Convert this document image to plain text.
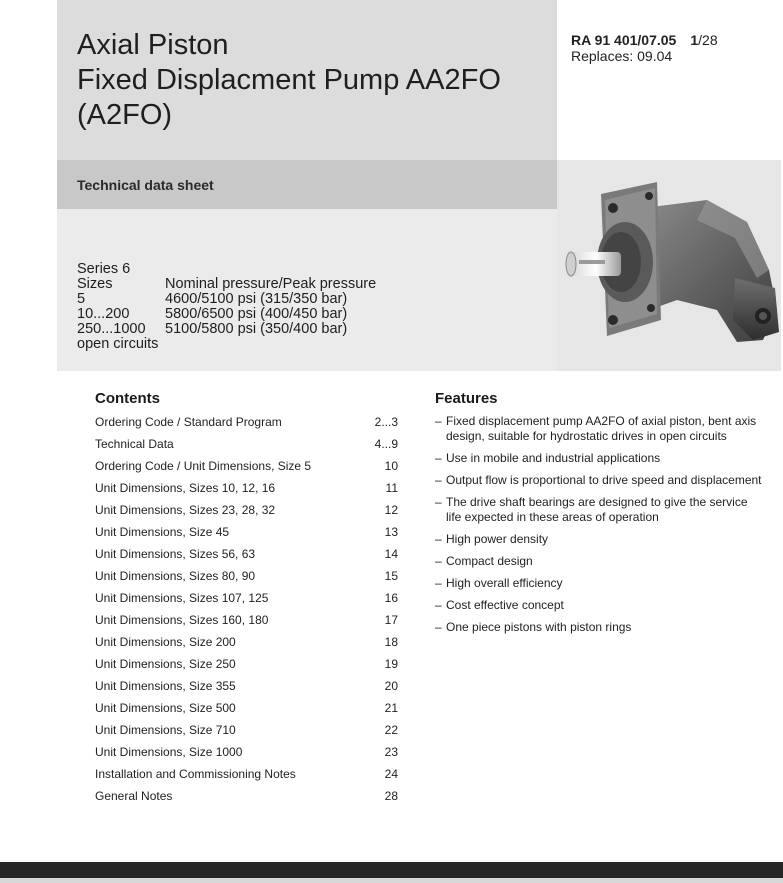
Axial Piston
Fixed Displacment Pump AA2FO
(A2FO)
RA 91 401/07.05 1/28
Replaces: 09.04
Technical data sheet
Series 6
Sizes	Nominal pressure/Peak pressure
5	4600/5100 psi (315/350 bar)
10...200 5800/6500 psi (400/450 bar)
250...1000 5100/5800 psi (350/400 bar)
open circuits
Contents
Ordering Code / Standard Program	2...3
Technical Data	4...9
Ordering Code / Unit Dimensions, Size 5	10
Unit Dimensions, Sizes 10, 12, 16	11
Unit Dimensions, Sizes 23, 28, 32	12
Unit Dimensions, Size 45	13
Unit Dimensions, Sizes 56, 63	14
Unit Dimensions, Sizes 80, 90	15
Unit Dimensions, Sizes 107, 125	16
Unit Dimensions, Sizes 160, 180	17
Unit Dimensions, Size 200	18
Unit Dimensions, Size 250	19
Unit Dimensions, Size 355	20
Unit Dimensions, Size 500	21
Unit Dimensions, Size 710	22
Unit Dimensions, Size 1000	23
Installation and Commissioning Notes	24
General Notes	28
Features
– Fixed displacement pump AA2FO of axial piston, bent axis design, suitable for hydrostatic drives in open circuits
– Use in mobile and industrial applications
– Output flow is proportional to drive speed and displacement
– The drive shaft bearings are designed to give the service life expected in these areas of operation
– High power density
– Compact design
– High overall efficiency
– Cost effective concept
– One piece pistons with piston rings
